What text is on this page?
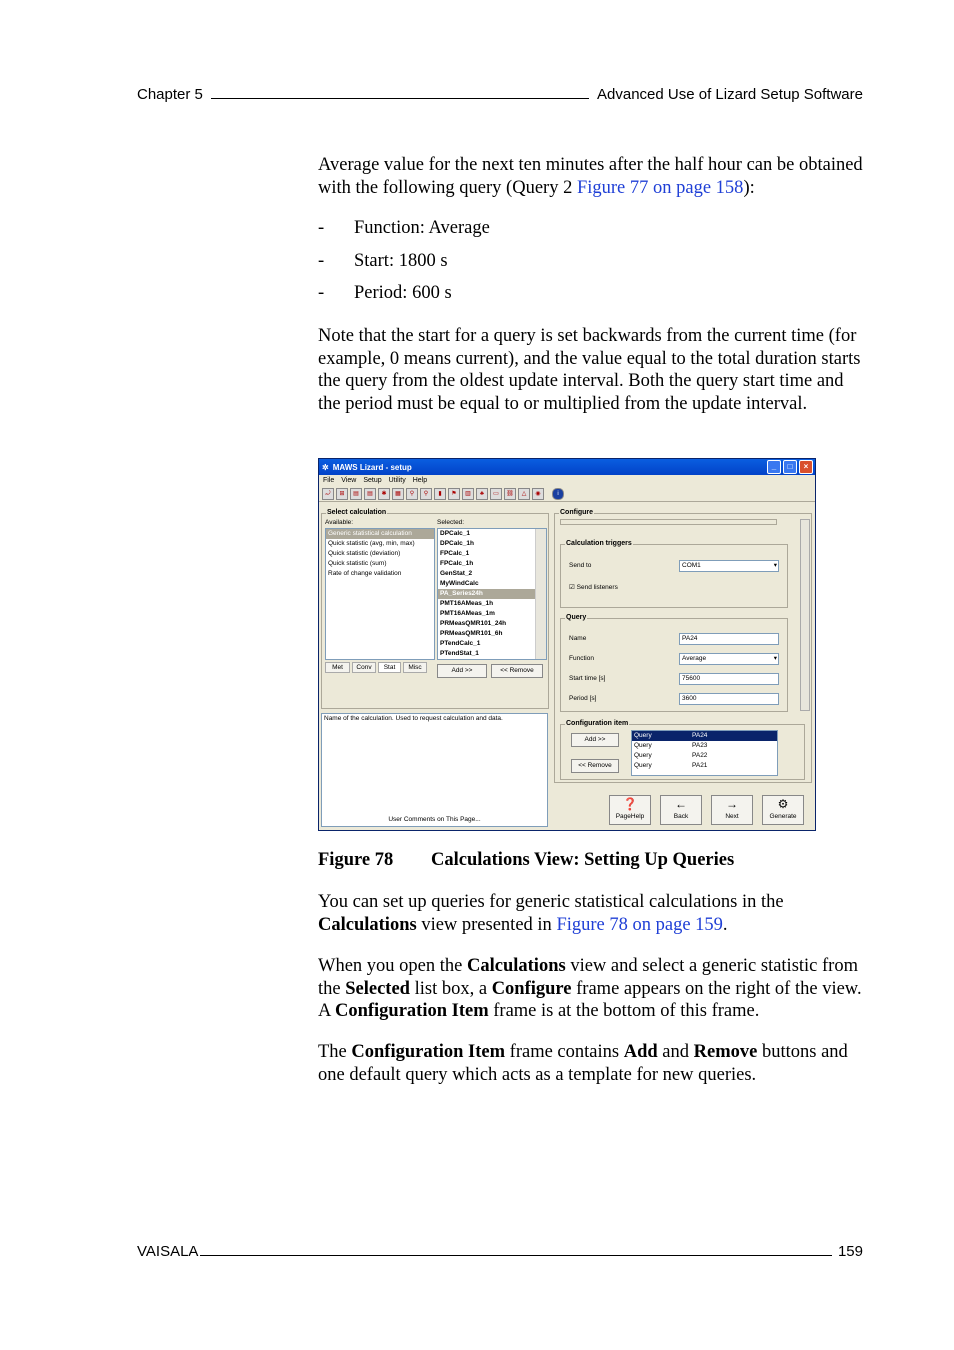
Chapter 5	Advanced Use of Lizard Setup Software
Average value for the next ten minutes after the half hour can be obtained with the following query (Query 2 Figure 77 on page 158):
- Function: Average
- Start: 1800 s
- Period: 600 s
Note that the start for a query is set backwards from the current time (for example, 0 means current), and the value equal to the total duration starts the query from the oldest update interval. Both the query start time and the period must be equal to or multiplied from the update interval.
✲ MAWS Lizard - setup	_	□	×
File View Setup Utility Help
⤾	⊞	▤	▤	✱	▦	⚲	⚲	▮	⚑	▥	♣	▭	⛓	△	◉	i
Select calculation
Available:	Selected:
Generic statistical calculation
Quick statistic (avg, min, max)
Quick statistic (deviation)
Quick statistic (sum)
Rate of change validation
DPCalc_1
DPCalc_1h
FPCalc_1
FPCalc_1h
GenStat_2
MyWindCalc
PA_Series24h
PMT16AMeas_1h
PMT16AMeas_1m
PRMeasQMR101_24h
PRMeasQMR101_6h
PTendCalc_1
PTendStat_1
Met	Conv	Stat	Misc	Add >>	<< Remove
Name of the calculation. Used to request calculation and data.
User Comments on This Page...
Configure
Calculation triggers
Send to	COM1	▾
☑ Send listeners
Query
Name	PA24
Function	Average	▾
Start time [s]	75600
Period [s]	3600
Configuration item
Add >>
<< Remove
Query	PA24
Query	PA23
Query	PA22
Query	PA21
❓
PageHelp
←
Back
→
Next
⚙
Generate
Figure 78 Calculations View: Setting Up Queries
You can set up queries for generic statistical calculations in the Calculations view presented in Figure 78 on page 159.
When you open the Calculations view and select a generic statistic from the Selected list box, a Configure frame appears on the right of the view. A Configuration Item frame is at the bottom of this frame.
The Configuration Item frame contains Add and Remove buttons and one default query which acts as a template for new queries.
VAISALA	159
